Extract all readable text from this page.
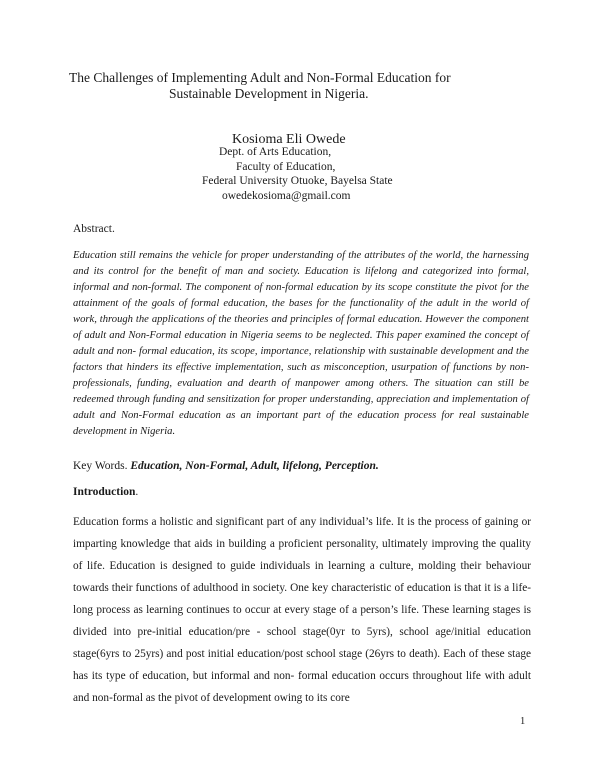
The Challenges of Implementing Adult and Non-Formal Education for
Sustainable Development in Nigeria.
Kosioma Eli Owede
Dept. of Arts Education,
Faculty of Education,
Federal University Otuoke, Bayelsa State
owedekosioma@gmail.com
Abstract.
Education still remains the vehicle for proper understanding of the attributes of the world, the harnessing and its control for the benefit of man and society. Education is lifelong and categorized into formal, informal and non-formal. The component of non-formal education by its scope constitute the pivot for the attainment of the goals of formal education, the bases for the functionality of the adult in the world of work, through the applications of the theories and principles of formal education. However the component of adult and Non-Formal education in Nigeria seems to be neglected. This paper examined the concept of adult and non- formal education, its scope, importance, relationship with sustainable development and the factors that hinders its effective implementation, such as misconception, usurpation of functions by non-professionals, funding, evaluation and dearth of manpower among others. The situation can still be redeemed through funding and sensitization for proper understanding, appreciation and implementation of adult and Non-Formal education as an important part of the education process for real sustainable development in Nigeria.
Key Words. Education, Non-Formal, Adult, lifelong, Perception.
Introduction.
Education forms a holistic and significant part of any individual’s life. It is the process of gaining or imparting knowledge that aids in building a proficient personality, ultimately improving the quality of life. Education is designed to guide individuals in learning a culture, molding their behaviour towards their functions of adulthood in society. One key characteristic of education is that it is a life-long process as learning continues to occur at every stage of a person’s life. These learning stages is divided into pre-initial education/pre - school stage(0yr to 5yrs), school age/initial education stage(6yrs to 25yrs) and post initial education/post school stage (26yrs to death). Each of these stage has its type of education, but informal and non- formal education occurs throughout life with adult and non-formal as the pivot of development owing to its core
1
